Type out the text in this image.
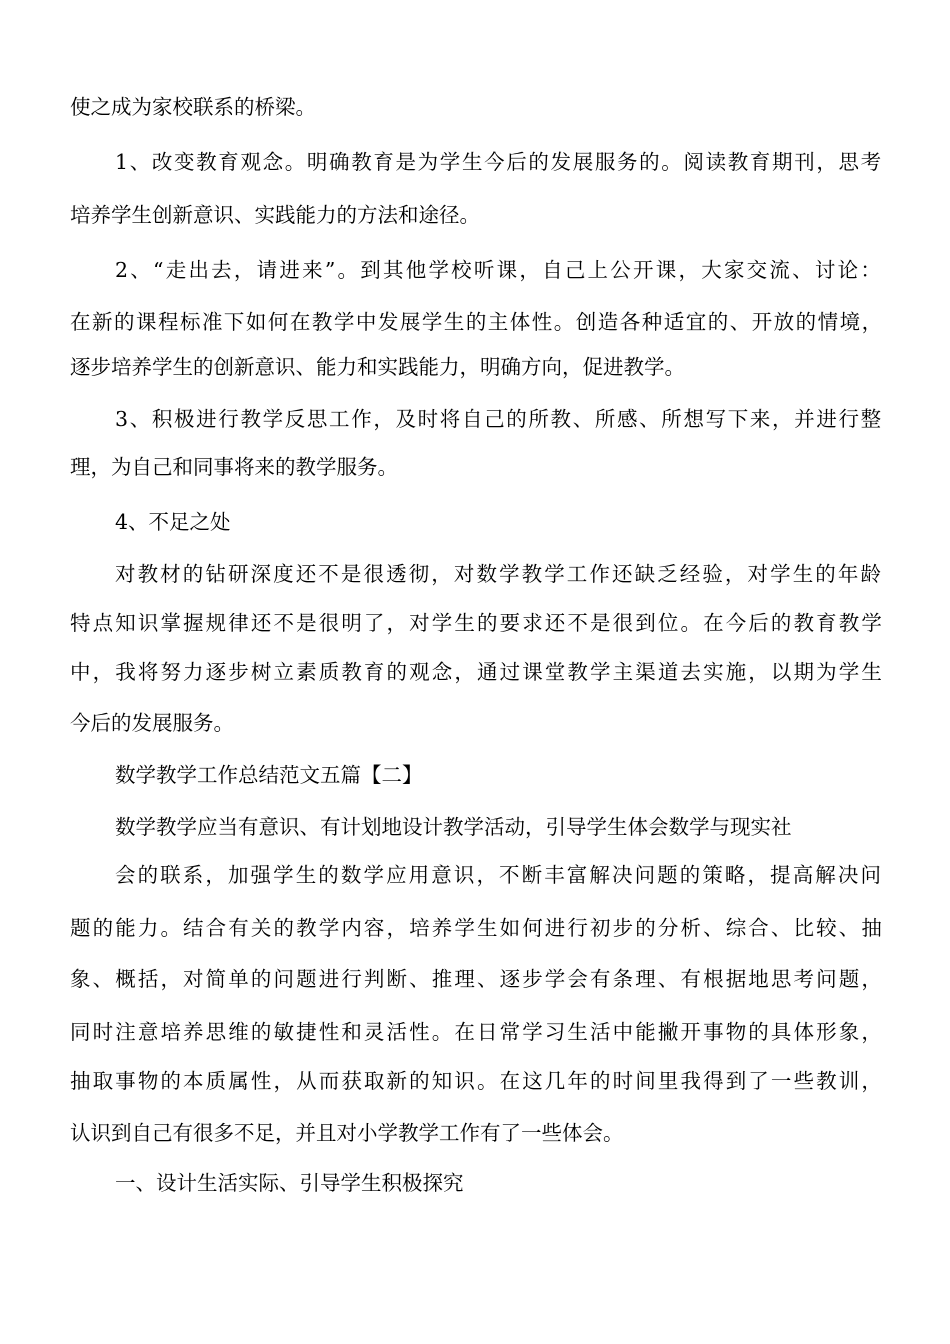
使之成为家校联系的桥梁。
1、改变教育观念。明确教育是为学生今后的发展服务的。阅读教育期刊，思考
培养学生创新意识、实践能力的方法和途径。
2、“走出去，请进来”。到其他学校听课，自己上公开课，大家交流、讨论：
在新的课程标准下如何在教学中发展学生的主体性。创造各种适宜的、开放的情境，
逐步培养学生的创新意识、能力和实践能力，明确方向，促进教学。
3、积极进行教学反思工作，及时将自己的所教、所感、所想写下来，并进行整
理，为自己和同事将来的教学服务。
4、不足之处
对教材的钻研深度还不是很透彻，对数学教学工作还缺乏经验，对学生的年龄
特点知识掌握规律还不是很明了，对学生的要求还不是很到位。在今后的教育教学
中，我将努力逐步树立素质教育的观念，通过课堂教学主渠道去实施，以期为学生
今后的发展服务。
数学教学工作总结范文五篇【二】
数学教学应当有意识、有计划地设计教学活动，引导学生体会数学与现实社
会的联系，加强学生的数学应用意识，不断丰富解决问题的策略，提高解决问
题的能力。结合有关的教学内容，培养学生如何进行初步的分析、综合、比较、抽
象、概括，对简单的问题进行判断、推理、逐步学会有条理、有根据地思考问题，
同时注意培养思维的敏捷性和灵活性。在日常学习生活中能撇开事物的具体形象，
抽取事物的本质属性，从而获取新的知识。在这几年的时间里我得到了一些教训，
认识到自己有很多不足，并且对小学教学工作有了一些体会。
一、设计生活实际、引导学生积极探究
